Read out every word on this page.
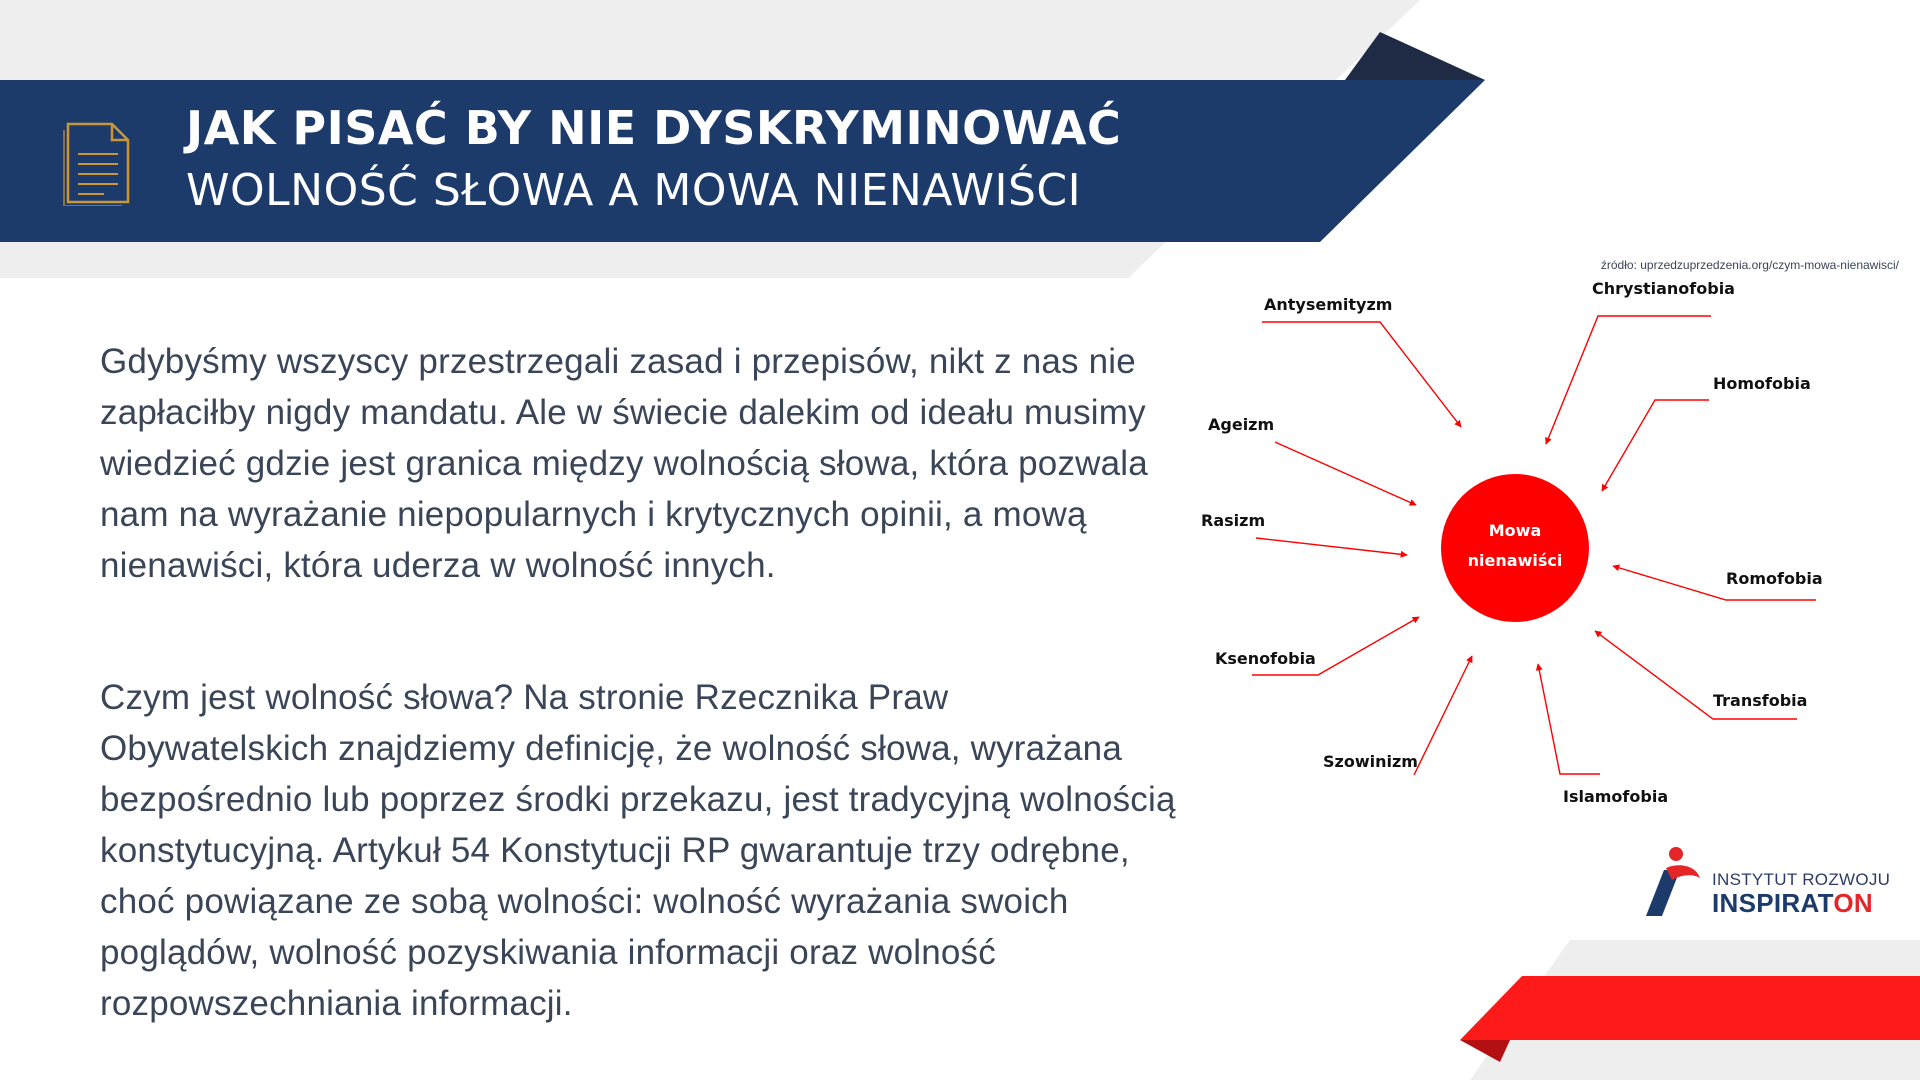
JAK PISAĆ BY NIE DYSKRYMINOWAĆ
WOLNOŚĆ SŁOWA A MOWA NIENAWIŚCI
Gdybyśmy wszyscy przestrzegali zasad i przepisów, nikt z nas nie zapłaciłby nigdy mandatu. Ale w świecie dalekim od ideału musimy wiedzieć gdzie jest granica między wolnością słowa, która pozwala nam na wyrażanie niepopularnych i krytycznych opinii, a mową nienawiści, która uderza w wolność innych.
Czym jest wolność słowa? Na stronie Rzecznika Praw Obywatelskich znajdziemy definicję, że wolność słowa, wyrażana bezpośrednio lub poprzez środki przekazu, jest tradycyjną wolnością konstytucyjną. Artykuł 54 Konstytucji RP gwarantuje trzy odrębne, choć powiązane ze sobą wolności: wolność wyrażania swoich poglądów, wolność pozyskiwania informacji oraz wolność rozpowszechniania informacji.
źródło: uprzedzuprzedzenia.org/czym-mowa-nienawisci/
Mowa
nienawiści
Antysemityzm
Chrystianofobia
Homofobia
Ageizm
Rasizm
Romofobia
Ksenofobia
Transfobia
Szowinizm
Islamofobia
INSTYTUT ROZWOJU
INSPIRATON
